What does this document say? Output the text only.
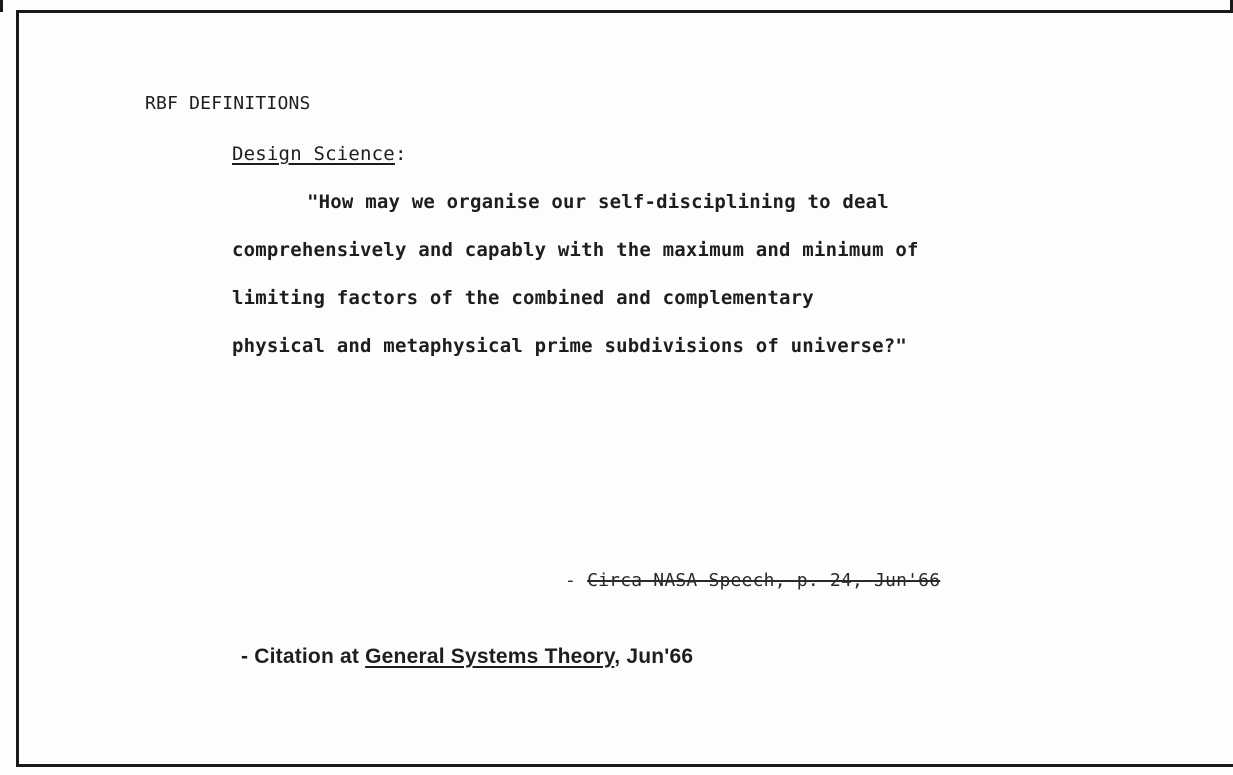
RBF DEFINITIONS

Design Science:

"How may we organise our self-disciplining to deal

comprehensively and capably with the maximum and minimum of

limiting factors of the combined and complementary

physical and metaphysical prime subdivisions of universe?"

- Circa NASA Speech, p. 24, Jun'66

- Citation at General Systems Theory, Jun'66
